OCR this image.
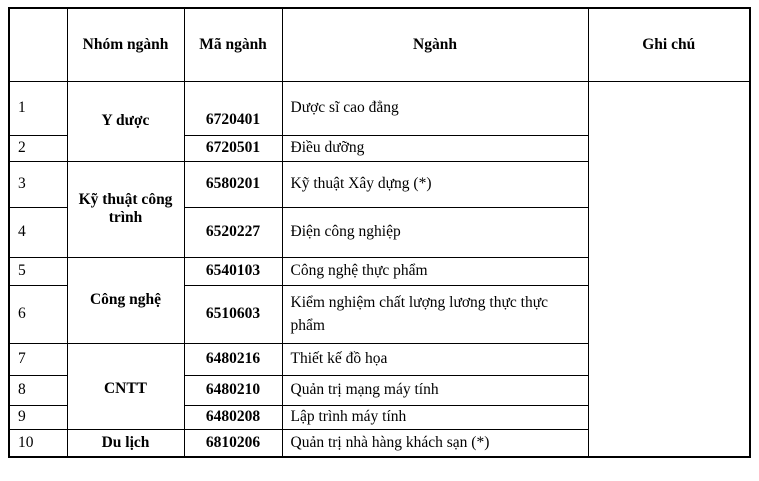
	Nhóm ngành	Mã ngành	Ngành	Ghi chú
1	Y dược	6720401	Dược sĩ cao đẳng	
2		6720501	Điều dưỡng	
3	Kỹ thuật công trình	6580201	Kỹ thuật Xây dựng (*)	
4		6520227	Điện công nghiệp	
5	Công nghệ	6540103	Công nghệ thực phẩm	
6		6510603	Kiểm nghiệm chất lượng lương thực thực phẩm	
7	CNTT	6480216	Thiết kế đồ họa	
8		6480210	Quản trị mạng máy tính	
9		6480208	Lập trình máy tính	
10	Du lịch	6810206	Quản trị nhà hàng khách sạn (*)	
